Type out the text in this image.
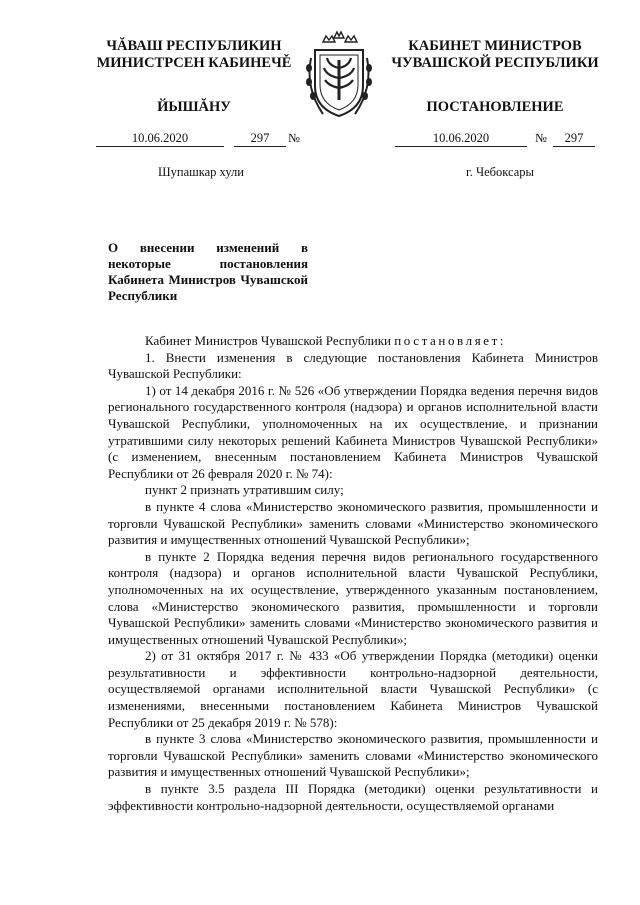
ЧĂВАШ РЕСПУБЛИКИН
МИНИСТРСЕН КАБИНЕЧĚ
ЙЫШĂНУ
КАБИНЕТ МИНИСТРОВ
ЧУВАШСКОЙ РЕСПУБЛИКИ
ПОСТАНОВЛЕНИЕ
10.06.2020	297	№	10.06.2020	№	297
Шупашкар хули	г. Чебоксары
О внесении изменений в некоторые постановления Кабинета Министров Чувашской Республики

Кабинет Министров Чувашской Республики постановляет:

1. Внести изменения в следующие постановления Кабинета Министров Чувашской Республики:

1) от 14 декабря 2016 г. № 526 «Об утверждении Порядка ведения перечня видов регионального государственного контроля (надзора) и органов исполнительной власти Чувашской Республики, уполномоченных на их осуществление, и признании утратившими силу некоторых решений Кабинета Министров Чувашской Республики» (с изменением, внесенным постановлением Кабинета Министров Чувашской Республики от 26 февраля 2020 г. № 74):

пункт 2 признать утратившим силу;

в пункте 4 слова «Министерство экономического развития, промышленности и торговли Чувашской Республики» заменить словами «Министерство экономического развития и имущественных отношений Чувашской Республики»;

в пункте 2 Порядка ведения перечня видов регионального государственного контроля (надзора) и органов исполнительной власти Чувашской Республики, уполномоченных на их осуществление, утвержденного указанным постановлением, слова «Министерство экономического развития, промышленности и торговли Чувашской Республики» заменить словами «Министерство экономического развития и имущественных отношений Чувашской Республики»;

2) от 31 октября 2017 г. № 433 «Об утверждении Порядка (методики) оценки результативности и эффективности контрольно-надзорной деятельности, осуществляемой органами исполнительной власти Чувашской Республики» (с изменениями, внесенными постановлением Кабинета Министров Чувашской Республики от 25 декабря 2019 г. № 578):

в пункте 3 слова «Министерство экономического развития, промышленности и торговли Чувашской Республики» заменить словами «Министерство экономического развития и имущественных отношений Чувашской Республики»;

в пункте 3.5 раздела III Порядка (методики) оценки результативности и эффективности контрольно-надзорной деятельности, осуществляемой органами
